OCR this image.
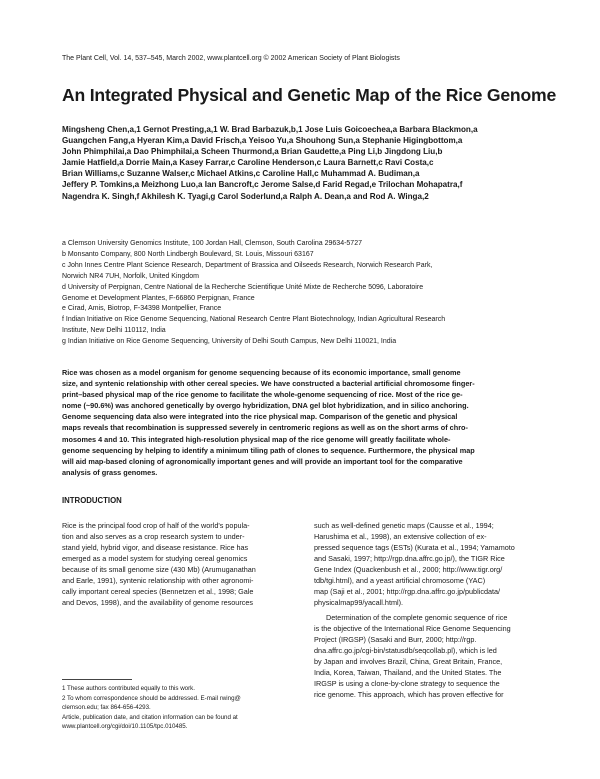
The Plant Cell, Vol. 14, 537–545, March 2002, www.plantcell.org © 2002 American Society of Plant Biologists
An Integrated Physical and Genetic Map of the Rice Genome
Mingsheng Chen,a,1 Gernot Presting,a,1 W. Brad Barbazuk,b,1 Jose Luis Goicoechea,a Barbara Blackmon,a
Guangchen Fang,a Hyeran Kim,a David Frisch,a Yeisoo Yu,a Shouhong Sun,a Stephanie Higingbottom,a
John Phimphilai,a Dao Phimphilai,a Scheen Thurmond,a Brian Gaudette,a Ping Li,b Jingdong Liu,b
Jamie Hatfield,a Dorrie Main,a Kasey Farrar,c Caroline Henderson,c Laura Barnett,c Ravi Costa,c
Brian Williams,c Suzanne Walser,c Michael Atkins,c Caroline Hall,c Muhammad A. Budiman,a
Jeffery P. Tomkins,a Meizhong Luo,a Ian Bancroft,c Jerome Salse,d Farid Regad,e Trilochan Mohapatra,f
Nagendra K. Singh,f Akhilesh K. Tyagi,g Carol Soderlund,a Ralph A. Dean,a and Rod A. Winga,2
a Clemson University Genomics Institute, 100 Jordan Hall, Clemson, South Carolina 29634-5727
b Monsanto Company, 800 North Lindbergh Boulevard, St. Louis, Missouri 63167
c John Innes Centre Plant Science Research, Department of Brassica and Oilseeds Research, Norwich Research Park,
Norwich NR4 7UH, Norfolk, United Kingdom
d University of Perpignan, Centre National de la Recherche Scientifique Unité Mixte de Recherche 5096, Laboratoire
Genome et Development Plantes, F-66860 Perpignan, France
e Cirad, Amis, Biotrop, F-34398 Montpellier, France
f Indian Initiative on Rice Genome Sequencing, National Research Centre Plant Biotechnology, Indian Agricultural Research
Institute, New Delhi 110112, India
g Indian Initiative on Rice Genome Sequencing, University of Delhi South Campus, New Delhi 110021, India
Rice was chosen as a model organism for genome sequencing because of its economic importance, small genome
size, and syntenic relationship with other cereal species. We have constructed a bacterial artificial chromosome finger-
print–based physical map of the rice genome to facilitate the whole-genome sequencing of rice. Most of the rice ge-
nome (~90.6%) was anchored genetically by overgo hybridization, DNA gel blot hybridization, and in silico anchoring.
Genome sequencing data also were integrated into the rice physical map. Comparison of the genetic and physical
maps reveals that recombination is suppressed severely in centromeric regions as well as on the short arms of chro-
mosomes 4 and 10. This integrated high-resolution physical map of the rice genome will greatly facilitate whole-
genome sequencing by helping to identify a minimum tiling path of clones to sequence. Furthermore, the physical map
will aid map-based cloning of agronomically important genes and will provide an important tool for the comparative
analysis of grass genomes.
INTRODUCTION
Rice is the principal food crop of half of the world's popula-
tion and also serves as a crop research system to under-
stand yield, hybrid vigor, and disease resistance. Rice has
emerged as a model system for studying cereal genomics
because of its small genome size (430 Mb) (Arumuganathan
and Earle, 1991), syntenic relationship with other agronomi-
cally important cereal species (Bennetzen et al., 1998; Gale
and Devos, 1998), and the availability of genome resources
such as well-defined genetic maps (Causse et al., 1994;
Harushima et al., 1998), an extensive collection of ex-
pressed sequence tags (ESTs) (Kurata et al., 1994; Yamamoto
and Sasaki, 1997; http://rgp.dna.affrc.go.jp/), the TIGR Rice
Gene Index (Quackenbush et al., 2000; http://www.tigr.org/
tdb/tgi.html), and a yeast artificial chromosome (YAC)
map (Saji et al., 2001; http://rgp.dna.affrc.go.jp/publicdata/
physicalmap99/yacall.html).
Determination of the complete genomic sequence of rice
is the objective of the International Rice Genome Sequencing
Project (IRGSP) (Sasaki and Burr, 2000; http://rgp.
dna.affrc.go.jp/cgi-bin/statusdb/seqcollab.pl), which is led
by Japan and involves Brazil, China, Great Britain, France,
India, Korea, Taiwan, Thailand, and the United States. The
IRGSP is using a clone-by-clone strategy to sequence the
rice genome. This approach, which has proven effective for
1 These authors contributed equally to this work.
2 To whom correspondence should be addressed. E-mail rwing@
clemson.edu; fax 864-656-4293.
Article, publication date, and citation information can be found at
www.plantcell.org/cgi/doi/10.1105/tpc.010485.
